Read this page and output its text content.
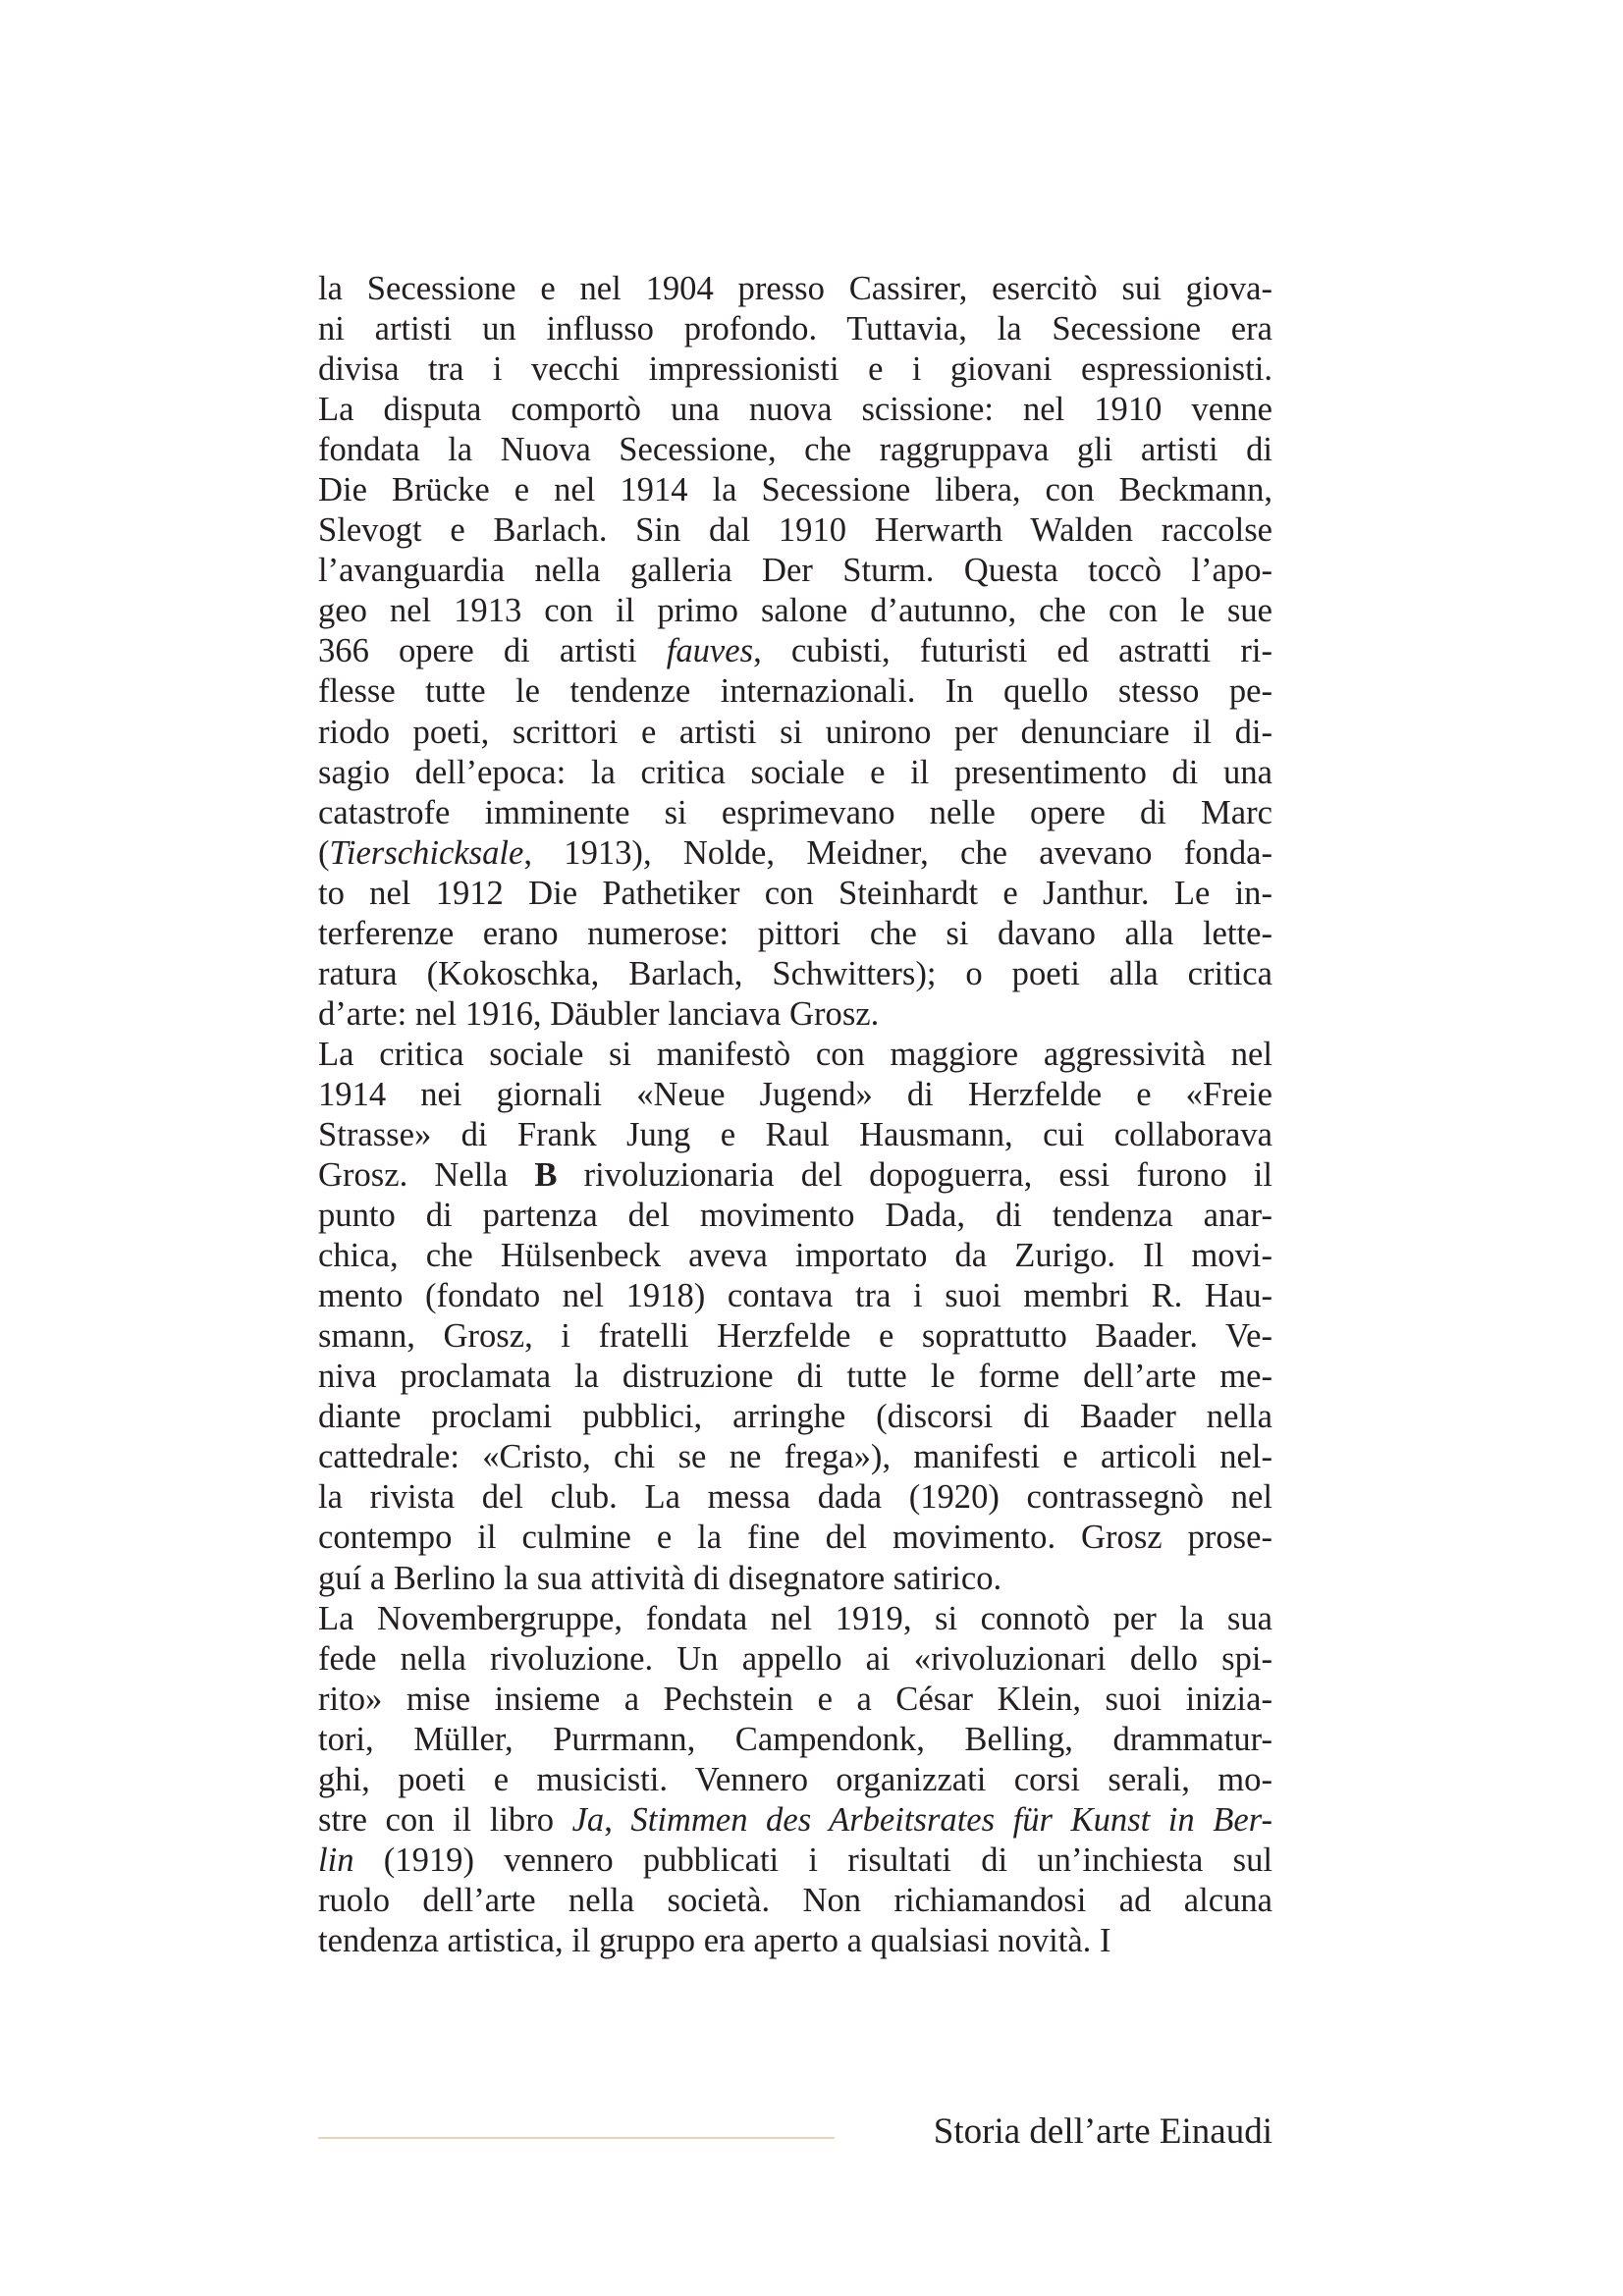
la Secessione e nel 1904 presso Cassirer, esercitò sui giova-
ni artisti un influsso profondo. Tuttavia, la Secessione era
divisa tra i vecchi impressionisti e i giovani espressionisti.
La disputa comportò una nuova scissione: nel 1910 venne
fondata la Nuova Secessione, che raggruppava gli artisti di
Die Brücke e nel 1914 la Secessione libera, con Beckmann,
Slevogt e Barlach. Sin dal 1910 Herwarth Walden raccolse
l’avanguardia nella galleria Der Sturm. Questa toccò l’apo-
geo nel 1913 con il primo salone d’autunno, che con le sue
366 opere di artisti fauves, cubisti, futuristi ed astratti ri-
flesse tutte le tendenze internazionali. In quello stesso pe-
riodo poeti, scrittori e artisti si unirono per denunciare il di-
sagio dell’epoca: la critica sociale e il presentimento di una
catastrofe imminente si esprimevano nelle opere di Marc
(Tierschicksale, 1913), Nolde, Meidner, che avevano fonda-
to nel 1912 Die Pathetiker con Steinhardt e Janthur. Le in-
terferenze erano numerose: pittori che si davano alla lette-
ratura (Kokoschka, Barlach, Schwitters); o poeti alla critica
d’arte: nel 1916, Däubler lanciava Grosz.
La critica sociale si manifestò con maggiore aggressività nel
1914 nei giornali «Neue Jugend» di Herzfelde e «Freie
Strasse» di Frank Jung e Raul Hausmann, cui collaborava
Grosz. Nella B rivoluzionaria del dopoguerra, essi furono il
punto di partenza del movimento Dada, di tendenza anar-
chica, che Hülsenbeck aveva importato da Zurigo. Il movi-
mento (fondato nel 1918) contava tra i suoi membri R. Hau-
smann, Grosz, i fratelli Herzfelde e soprattutto Baader. Ve-
niva proclamata la distruzione di tutte le forme dell’arte me-
diante proclami pubblici, arringhe (discorsi di Baader nella
cattedrale: «Cristo, chi se ne frega»), manifesti e articoli nel-
la rivista del club. La messa dada (1920) contrassegnò nel
contempo il culmine e la fine del movimento. Grosz prose-
guí a Berlino la sua attività di disegnatore satirico.
La Novembergruppe, fondata nel 1919, si connotò per la sua
fede nella rivoluzione. Un appello ai «rivoluzionari dello spi-
rito» mise insieme a Pechstein e a César Klein, suoi inizia-
tori, Müller, Purrmann, Campendonk, Belling, drammatur-
ghi, poeti e musicisti. Vennero organizzati corsi serali, mo-
stre con il libro Ja, Stimmen des Arbeitsrates für Kunst in Ber-
lin (1919) vennero pubblicati i risultati di un’inchiesta sul
ruolo dell’arte nella società. Non richiamandosi ad alcuna
tendenza artistica, il gruppo era aperto a qualsiasi novità. I
Storia dell’arte Einaudi
